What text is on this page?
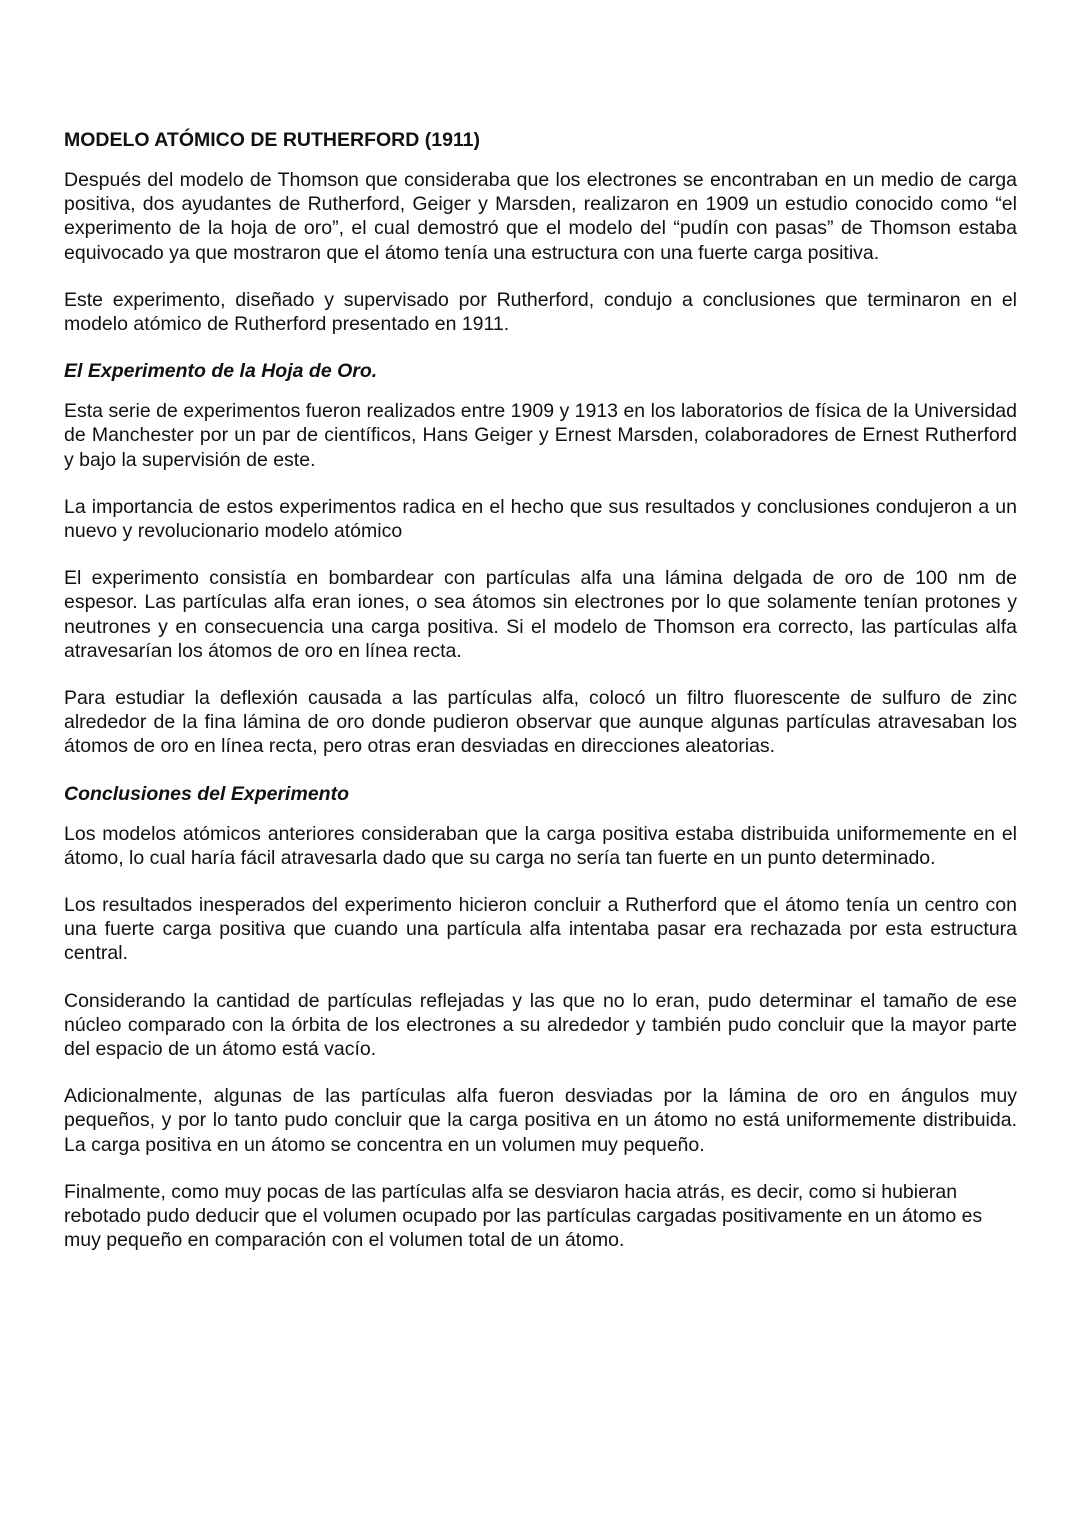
MODELO ATÓMICO DE RUTHERFORD (1911)

Después del modelo de Thomson que consideraba que los electrones se encontraban en un medio de carga positiva, dos ayudantes de Rutherford, Geiger y Marsden, realizaron en 1909 un estudio conocido como “el experimento de la hoja de oro”, el cual demostró que el modelo del “pudín con pasas” de Thomson estaba equivocado ya que mostraron que el átomo tenía una estructura con una fuerte carga positiva.

Este experimento, diseñado y supervisado por Rutherford, condujo a conclusiones que terminaron en el modelo atómico de Rutherford presentado en 1911.

El Experimento de la Hoja de Oro.

Esta serie de experimentos fueron realizados entre 1909 y 1913 en los laboratorios de física de la Universidad de Manchester por un par de científicos, Hans Geiger y Ernest Marsden, colaboradores de Ernest Rutherford y bajo la supervisión de este.

La importancia de estos experimentos radica en el hecho que sus resultados y conclusiones condujeron a un nuevo y revolucionario modelo atómico

El experimento consistía en bombardear con partículas alfa una lámina delgada de oro de 100 nm de espesor. Las partículas alfa eran iones, o sea átomos sin electrones por lo que solamente tenían protones y neutrones y en consecuencia una carga positiva. Si el modelo de Thomson era correcto, las partículas alfa atravesarían los átomos de oro en línea recta.

Para estudiar la deflexión causada a las partículas alfa, colocó un filtro fluorescente de sulfuro de zinc alrededor de la fina lámina de oro donde pudieron observar que aunque algunas partículas atravesaban los átomos de oro en línea recta, pero otras eran desviadas en direcciones aleatorias.

Conclusiones del Experimento

Los modelos atómicos anteriores consideraban que la carga positiva estaba distribuida uniformemente en el átomo, lo cual haría fácil atravesarla dado que su carga no sería tan fuerte en un punto determinado.

Los resultados inesperados del experimento hicieron concluir a Rutherford que el átomo tenía un centro con una fuerte carga positiva que cuando una partícula alfa intentaba pasar era rechazada por esta estructura central.

Considerando la cantidad de partículas reflejadas y las que no lo eran, pudo determinar el tamaño de ese núcleo comparado con la órbita de los electrones a su alrededor y también pudo concluir que la mayor parte del espacio de un átomo está vacío.

Adicionalmente, algunas de las partículas alfa fueron desviadas por la lámina de oro en ángulos muy pequeños, y por lo tanto pudo concluir que la carga positiva en un átomo no está uniformemente distribuida. La carga positiva en un átomo se concentra en un volumen muy pequeño.

Finalmente, como muy pocas de las partículas alfa se desviaron hacia atrás, es decir, como si hubieran rebotado pudo deducir que el volumen ocupado por las partículas cargadas positivamente en un átomo es muy pequeño en comparación con el volumen total de un átomo.
